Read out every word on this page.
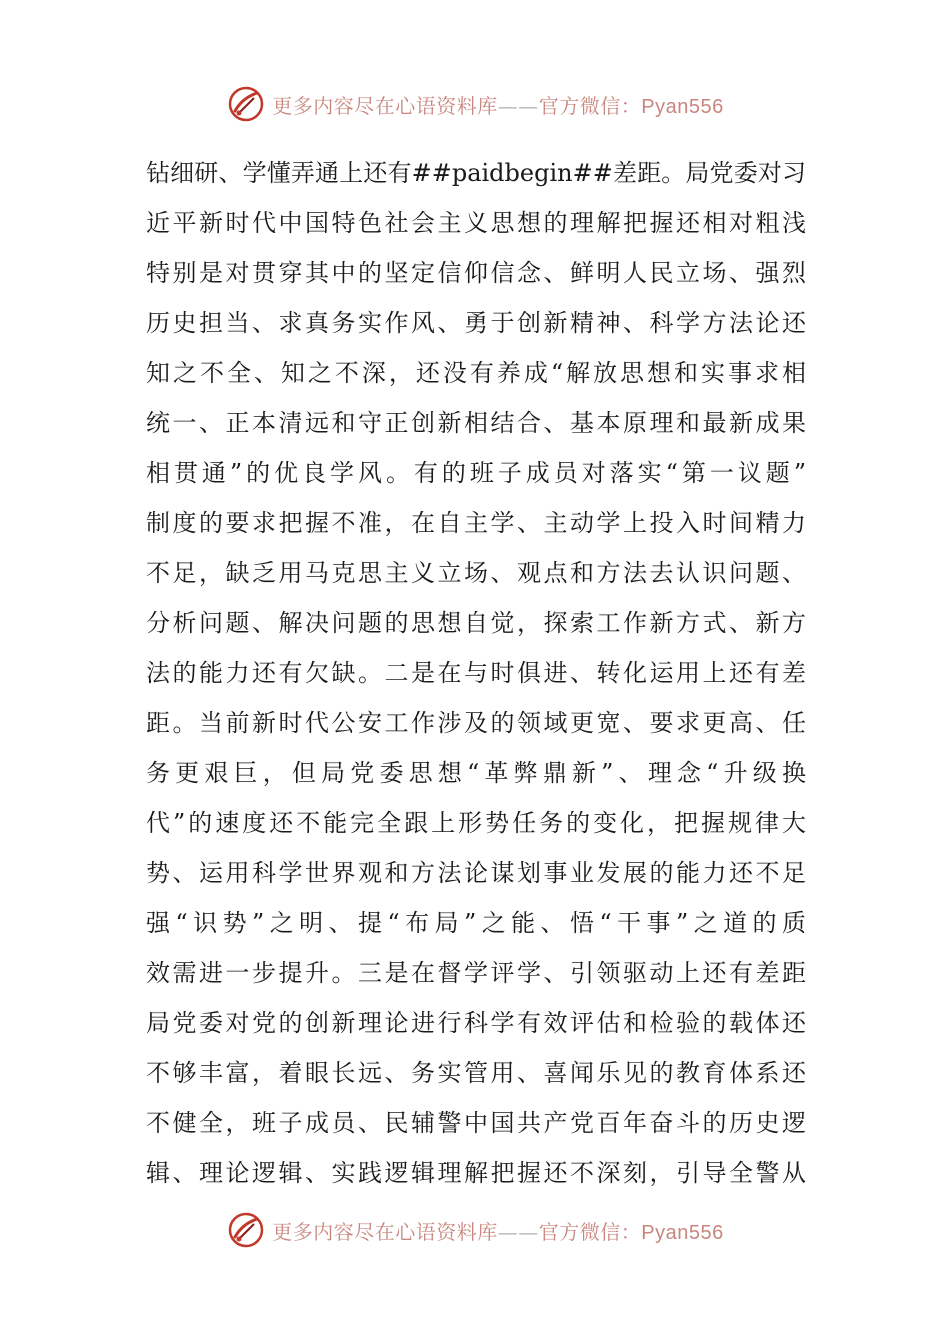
更多内容尽在心语资料库——官方微信：Pyan556
钻细研、学懂弄通上还有##paidbegin##差距。局党委对习
近平新时代中国特色社会主义思想的理解把握还相对粗浅
特别是对贯穿其中的坚定信仰信念、鲜明人民立场、强烈
历史担当、求真务实作风、勇于创新精神、科学方法论还
知之不全、知之不深，还没有养成“解放思想和实事求相
统一、正本清远和守正创新相结合、基本原理和最新成果
相贯通”的优良学风。有的班子成员对落实“第一议题”
制度的要求把握不准，在自主学、主动学上投入时间精力
不足，缺乏用马克思主义立场、观点和方法去认识问题、
分析问题、解决问题的思想自觉，探索工作新方式、新方
法的能力还有欠缺。二是在与时俱进、转化运用上还有差
距。当前新时代公安工作涉及的领域更宽、要求更高、任
务更艰巨，但局党委思想“革弊鼎新”、理念“升级换
代”的速度还不能完全跟上形势任务的变化，把握规律大
势、运用科学世界观和方法论谋划事业发展的能力还不足
强“识势”之明、提“布局”之能、悟“干事”之道的质
效需进一步提升。三是在督学评学、引领驱动上还有差距
局党委对党的创新理论进行科学有效评估和检验的载体还
不够丰富，着眼长远、务实管用、喜闻乐见的教育体系还
不健全，班子成员、民辅警中国共产党百年奋斗的历史逻
辑、理论逻辑、实践逻辑理解把握还不深刻，引导全警从
更多内容尽在心语资料库——官方微信：Pyan556
